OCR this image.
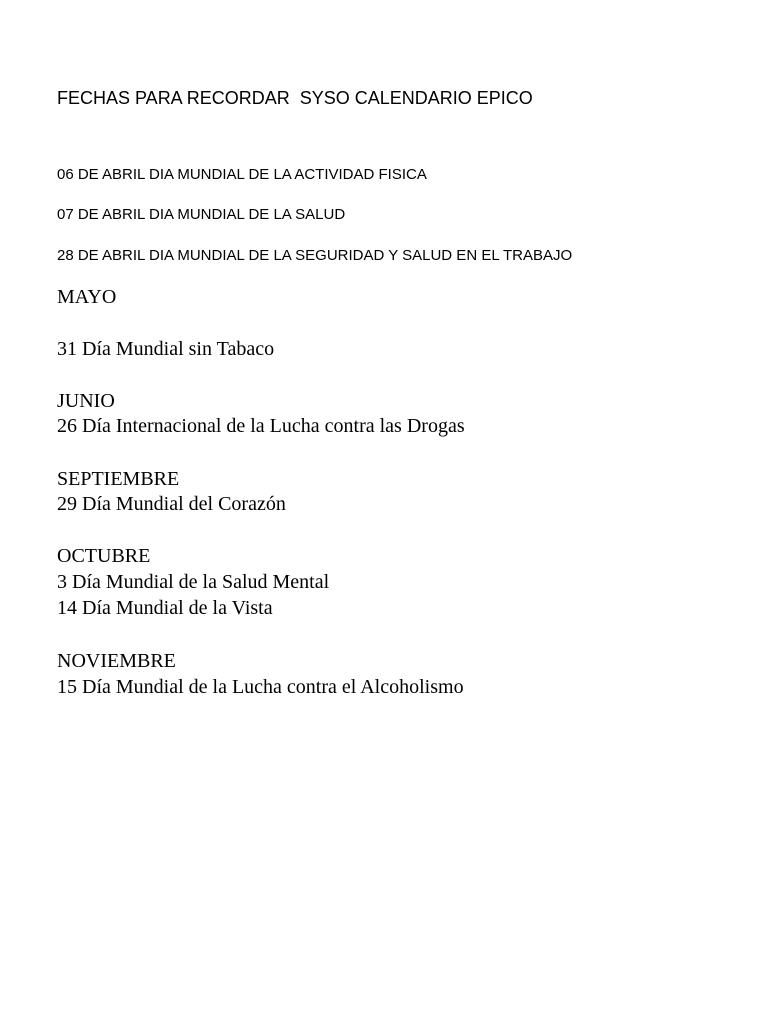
FECHAS PARA RECORDAR  SYSO CALENDARIO EPICO
06 DE ABRIL DIA MUNDIAL DE LA ACTIVIDAD FISICA
07 DE ABRIL DIA MUNDIAL DE LA SALUD
28 DE ABRIL DIA MUNDIAL DE LA SEGURIDAD Y SALUD EN EL TRABAJO
MAYO
31 Día Mundial sin Tabaco
JUNIO
26 Día Internacional de la Lucha contra las Drogas
SEPTIEMBRE
29 Día Mundial del Corazón
OCTUBRE
3 Día Mundial de la Salud Mental
14 Día Mundial de la Vista
NOVIEMBRE
15 Día Mundial de la Lucha contra el Alcoholismo
